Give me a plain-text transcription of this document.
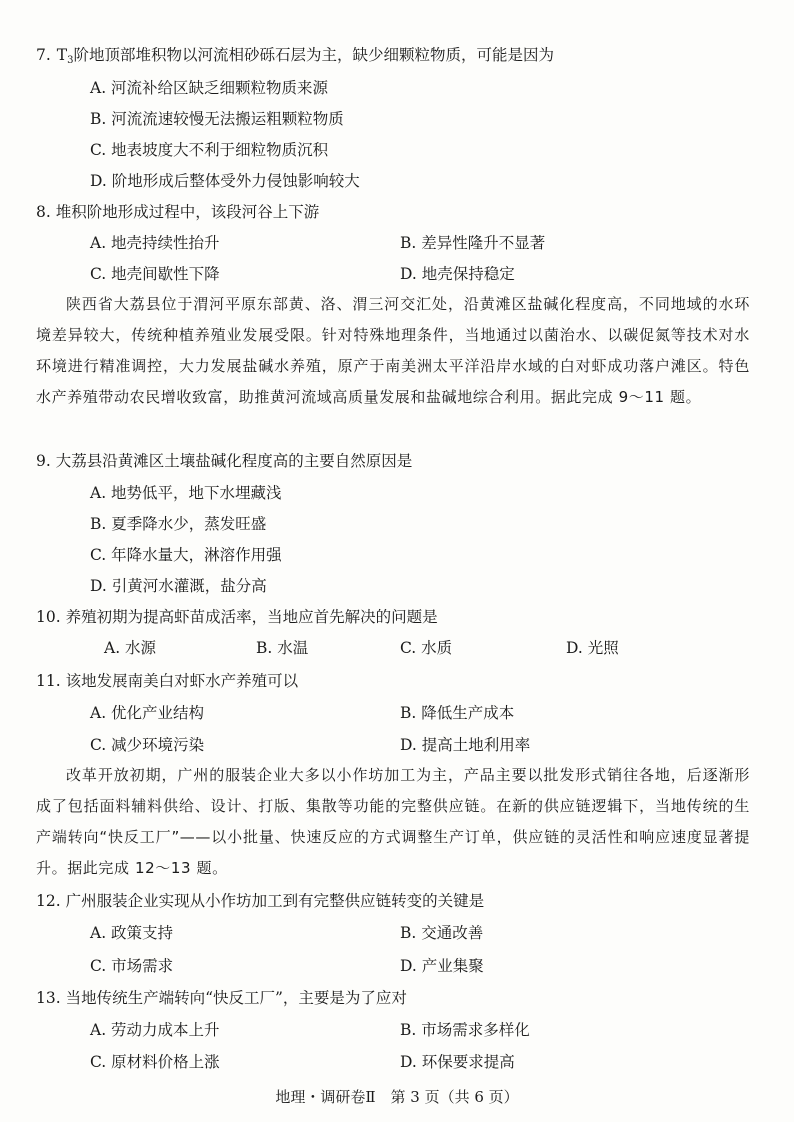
7. $T_3$阶地顶部堆积物以河流相砂砾石层为主，缺少细颗粒物质，可能是因为
A. 河流补给区缺乏细颗粒物质来源
B. 河流流速较慢无法搬运粗颗粒物质
C. 地表坡度大不利于细粒物质沉积
D. 阶地形成后整体受外力侵蚀影响较大
8. 堆积阶地形成过程中，该段河谷上下游
A. 地壳持续性抬升	B. 差异性隆升不显著
C. 地壳间歇性下降	D. 地壳保持稳定
陕西省大荔县位于渭河平原东部黄、洛、渭三河交汇处，沿黄滩区盐碱化程度高，不同地域的水环境差异较大，传统种植养殖业发展受限。针对特殊地理条件，当地通过以菌治水、以碳促氮等技术对水环境进行精准调控，大力发展盐碱水养殖，原产于南美洲太平洋沿岸水域的白对虾成功落户滩区。特色水产养殖带动农民增收致富，助推黄河流域高质量发展和盐碱地综合利用。据此完成 9～11 题。
9. 大荔县沿黄滩区土壤盐碱化程度高的主要自然原因是
A. 地势低平，地下水埋藏浅
B. 夏季降水少，蒸发旺盛
C. 年降水量大，淋溶作用强
D. 引黄河水灌溉，盐分高
10. 养殖初期为提高虾苗成活率，当地应首先解决的问题是
A. 水源	B. 水温	C. 水质	D. 光照
11. 该地发展南美白对虾水产养殖可以
A. 优化产业结构	B. 降低生产成本
C. 减少环境污染	D. 提高土地利用率
改革开放初期，广州的服装企业大多以小作坊加工为主，产品主要以批发形式销往各地，后逐渐形成了包括面料辅料供给、设计、打版、集散等功能的完整供应链。在新的供应链逻辑下，当地传统的生产端转向“快反工厂”——以小批量、快速反应的方式调整生产订单，供应链的灵活性和响应速度显著提升。据此完成 12～13 题。
12. 广州服装企业实现从小作坊加工到有完整供应链转变的关键是
A. 政策支持	B. 交通改善
C. 市场需求	D. 产业集聚
13. 当地传统生产端转向“快反工厂”，主要是为了应对
A. 劳动力成本上升	B. 市场需求多样化
C. 原材料价格上涨	D. 环保要求提高
地理・调研卷Ⅱ　第 3 页（共 6 页）
